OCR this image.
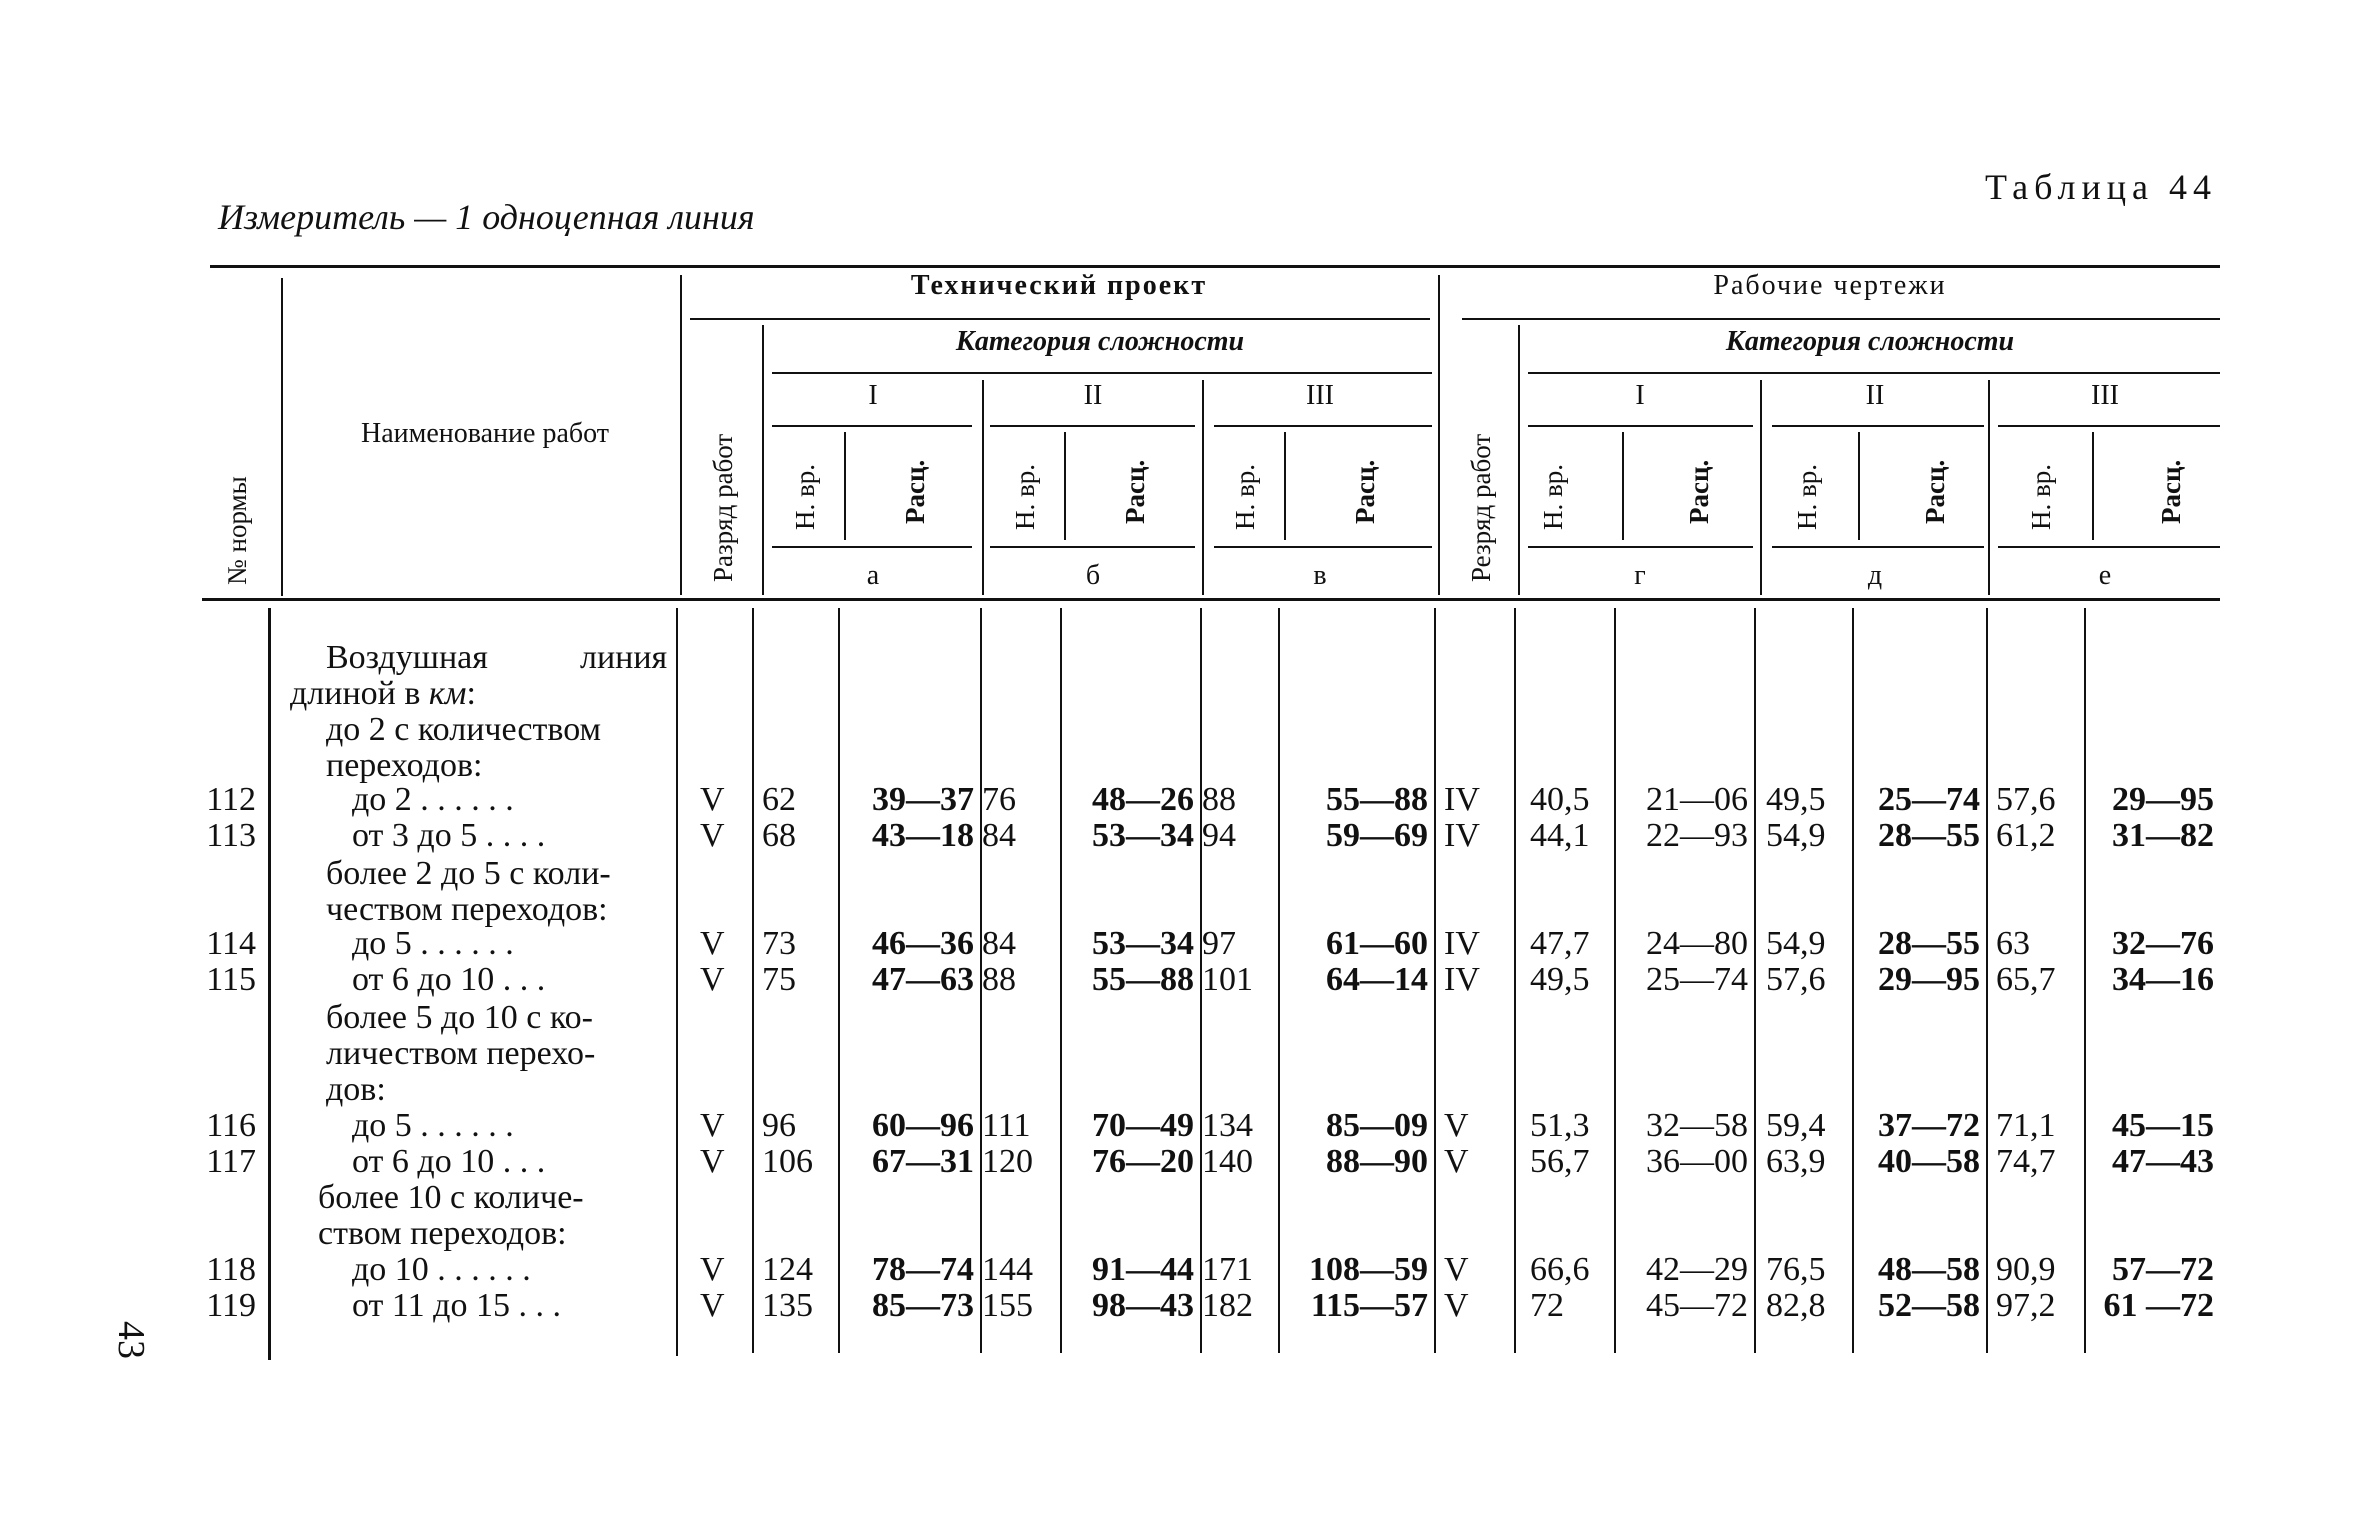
Таблица 44
Измеритель — 1 одноцепная линия
43
Технический проект	Рабочие чертежи
Категория сложности	Категория сложности
I	II	III	I	II	III
а	б	в	г	д	е
№ нормы
Наименование работ
Разряд работ	Резряд работ
Н. вр.	Расц.	Н. вр.	Расц.	Н. вр.	Расц.	Н. вр.	Расц.	Н. вр.	Расц.	Н. вр.	Расц.
Воздушная	линия
длиной в км:
до 2 с количеством
переходов:
более 2 до 5 с коли-
чеством переходов:
более 5 до 10 с ко-
личеством перехо-
дов:
более 10 с количе-
ством переходов:
112	до 2 . . . . . .	V	62	39—37 76	48—26 88	55—88 IV	40,5	21—06 49,5	25—74 57,6	29—95
113	от 3 до 5 . . . .	V	68	43—18 84	53—34 94	59—69 IV	44,1	22—93 54,9	28—55 61,2	31—82
114	до 5 . . . . . .	V	73	46—36 84	53—34 97	61—60 IV	47,7	24—80 54,9	28—55 63	32—76
115	от 6 до 10 . . .	V	75	47—63 88	55—88 101	64—14 IV	49,5	25—74 57,6	29—95 65,7	34—16
116	до 5 . . . . . .	V	96	60—96 111	70—49 134	85—09 V	51,3	32—58 59,4	37—72 71,1	45—15
117	от 6 до 10 . . .	V	106	67—31 120	76—20 140	88—90 V	56,7	36—00 63,9	40—58 74,7	47—43
118	до 10 . . . . . .	V	124	78—74 144	91—44 171	108—59 V	66,6	42—29 76,5	48—58 90,9	57—72
119	от 11 до 15 . . .	V	135	85—73 155	98—43 182	115—57 V	72	45—72 82,8	52—58 97,2	61 —72
